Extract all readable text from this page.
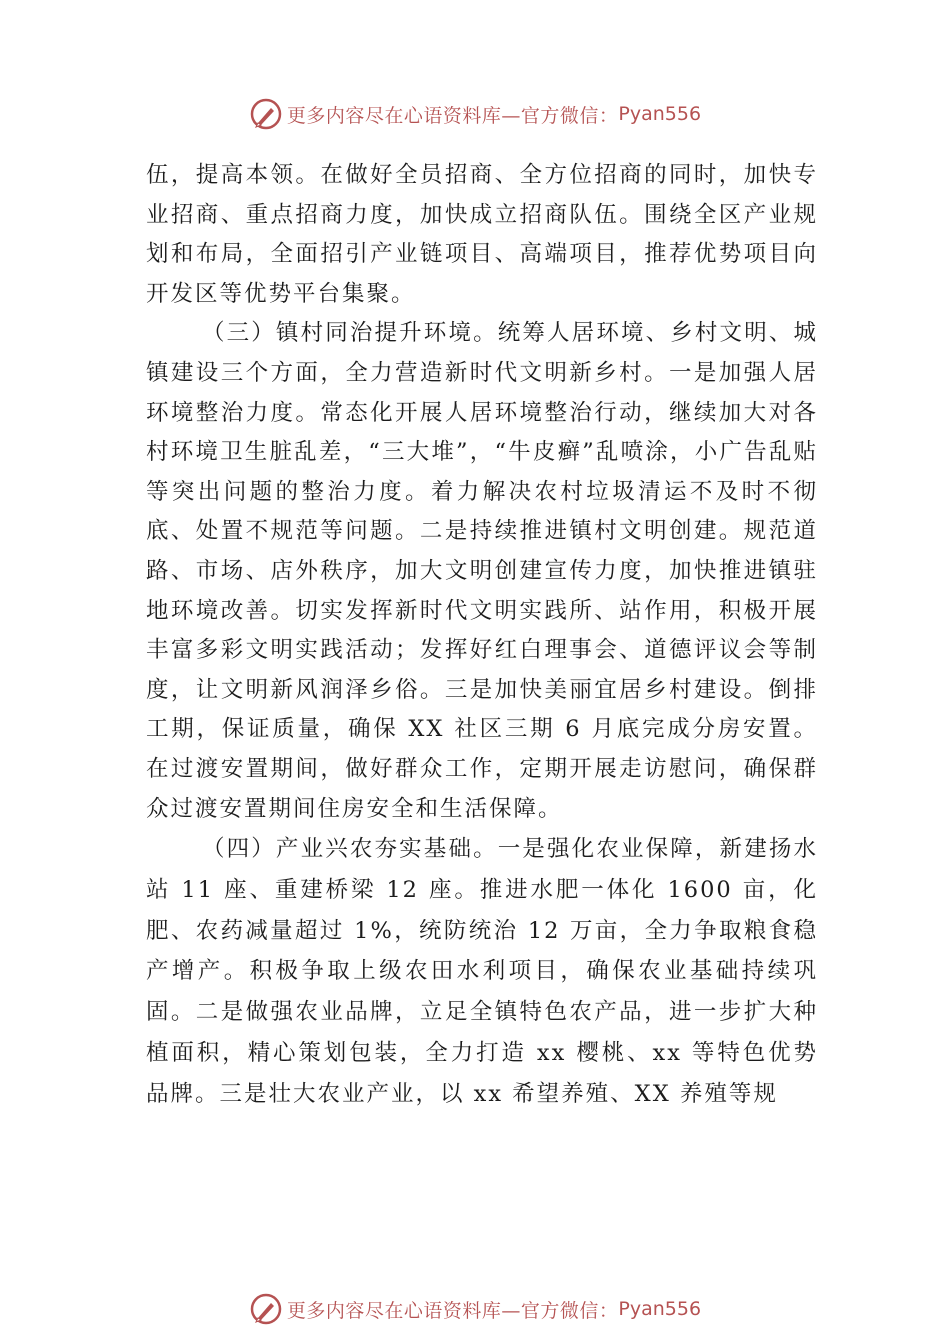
更多内容尽在心语资料库—官方微信： Pyan556

伍，提高本领。在做好全员招商、全方位招商的同时，加快专业招商、重点招商力度，加快成立招商队伍。围绕全区产业规划和布局，全面招引产业链项目、高端项目，推荐优势项目向开发区等优势平台集聚。

（三）镇村同治提升环境。统筹人居环境、乡村文明、城镇建设三个方面，全力营造新时代文明新乡村。一是加强人居环境整治力度。常态化开展人居环境整治行动，继续加大对各村环境卫生脏乱差，“三大堆”，“牛皮癣”乱喷涂，小广告乱贴等突出问题的整治力度。着力解决农村垃圾清运不及时不彻底、处置不规范等问题。二是持续推进镇村文明创建。规范道路、市场、店外秩序，加大文明创建宣传力度，加快推进镇驻地环境改善。切实发挥新时代文明实践所、站作用，积极开展丰富多彩文明实践活动；发挥好红白理事会、道德评议会等制度，让文明新风润泽乡俗。三是加快美丽宜居乡村建设。倒排工期，保证质量，确保 XX 社区三期 6 月底完成分房安置。在过渡安置期间，做好群众工作，定期开展走访慰问，确保群众过渡安置期间住房安全和生活保障。

（四）产业兴农夯实基础。一是强化农业保障，新建扬水站 11 座、重建桥梁 12 座。推进水肥一体化 1600 亩，化肥、农药减量超过 1%，统防统治 12 万亩，全力争取粮食稳产增产。积极争取上级农田水利项目，确保农业基础持续巩固。二是做强农业品牌，立足全镇特色农产品，进一步扩大种植面积，精心策划包装，全力打造 xx 樱桃、xx 等特色优势品牌。三是壮大农业产业，以 xx 希望养殖、XX 养殖等规

更多内容尽在心语资料库—官方微信： Pyan556
